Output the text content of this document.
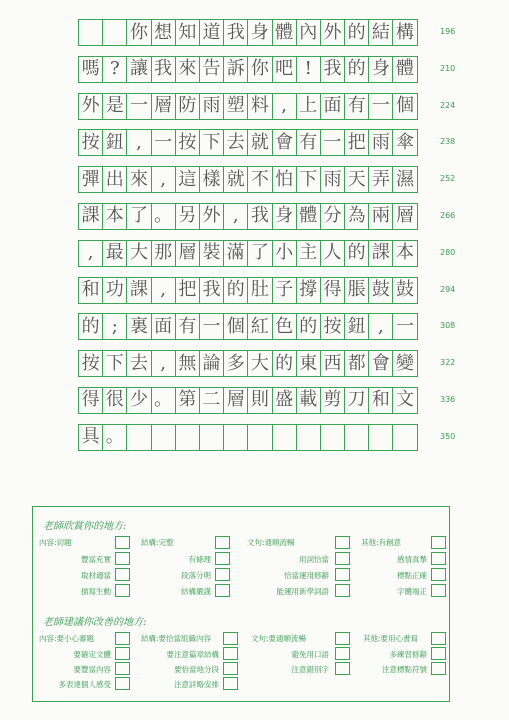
你 想 知 道 我 身 體 內 外 的 結 構	196
嗎 ? 讓 我 來 告 訴 你 吧 ! 我 的 身 體	210
外 是 一 層 防 雨 塑 料 , 上 面 有 一 個	224
按 鈕 , 一 按 下 去 就 會 有 一 把 雨 傘	238
彈 出 來 , 這 樣 就 不 怕 下 雨 天 弄 濕	252
課 本 了 。 另 外 , 我 身 體 分 為 兩 層	266
, 最 大 那 層 裝 滿 了 小 主 人 的 課 本	280
和 功 課 , 把 我 的 肚 子 撐 得 脹 鼓 鼓	294
的 ; 裏 面 有 一 個 紅 色 的 按 鈕 , 一	308
按 下 去 , 無 論 多 大 的 東 西 都 會 變	322
得 很 少 。 第 二 層 則 盛 載 剪 刀 和 文	336
具 。	350
老師欣賞你的地方:
內容:切題
豐富充實
取材適當
描寫生動
結構:完整
有條理
段落分明
結構嚴謹
文句:通順流暢
用詞恰當
恰當運用修辭
能運用新學詞語
其他:有創意
感情真摯
標點正確
字體端正
老師建議你改善的地方:
內容:要小心審題
要確定文體
要豐富內容
多表達個人感受
結構:要恰當組織內容
要注意篇章結構
要恰當地分段
注意詳略安排
文句:要通順流暢
避免用口語
注意錯別字
其他:要用心書寫
多練習修辭
注意標點符號
